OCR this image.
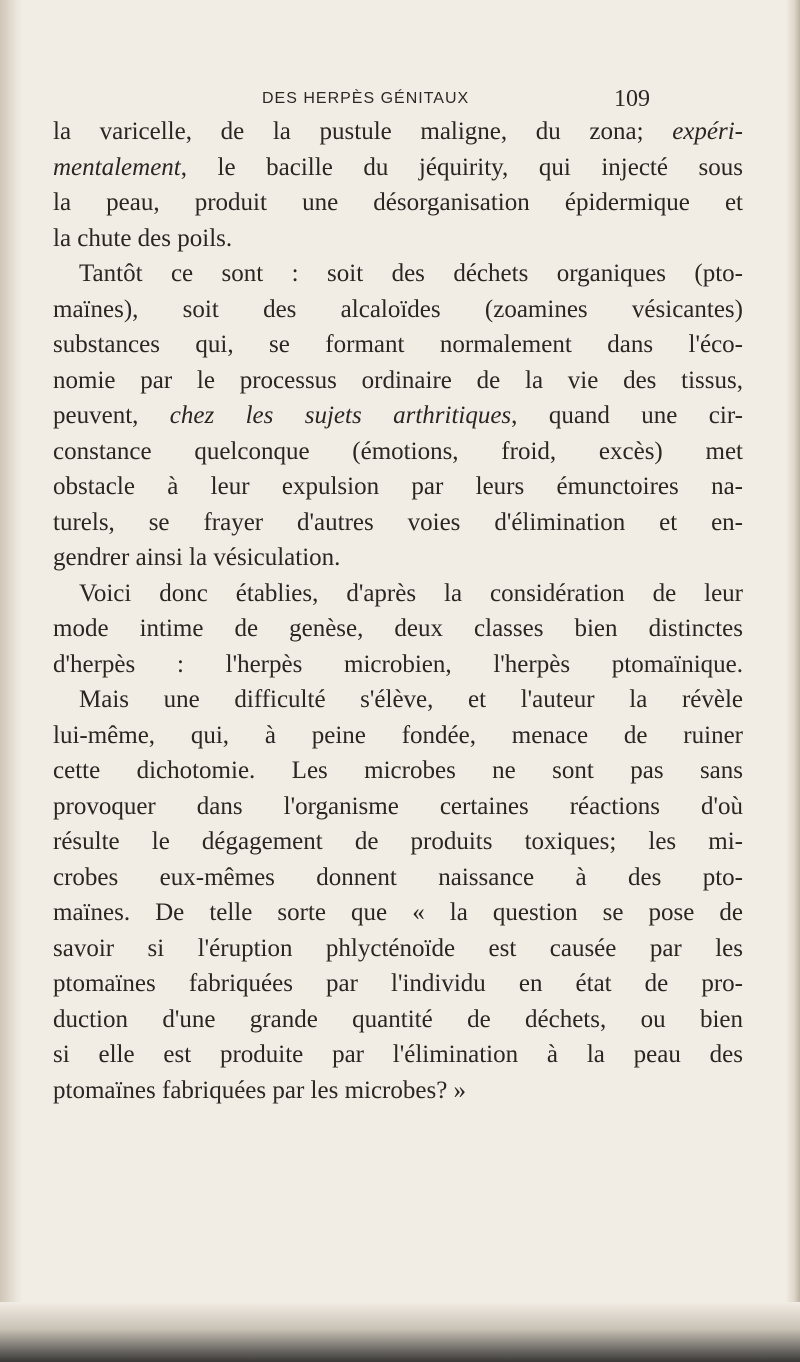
DES HERPÈS GÉNITAUX	109
la varicelle, de la pustule maligne, du zona; expéri-
mentalement, le bacille du jéquirity, qui injecté sous
la peau, produit une désorganisation épidermique et
la chute des poils.
Tantôt ce sont : soit des déchets organiques (pto-
maïnes), soit des alcaloïdes (zoamines vésicantes)
substances qui, se formant normalement dans l'éco-
nomie par le processus ordinaire de la vie des tissus,
peuvent, chez les sujets arthritiques, quand une cir-
constance quelconque (émotions, froid, excès) met
obstacle à leur expulsion par leurs émunctoires na-
turels, se frayer d'autres voies d'élimination et en-
gendrer ainsi la vésiculation.
Voici donc établies, d'après la considération de leur
mode intime de genèse, deux classes bien distinctes
d'herpès : l'herpès microbien, l'herpès ptomaïnique.
Mais une difficulté s'élève, et l'auteur la révèle
lui-même, qui, à peine fondée, menace de ruiner
cette dichotomie. Les microbes ne sont pas sans
provoquer dans l'organisme certaines réactions d'où
résulte le dégagement de produits toxiques; les mi-
crobes eux-mêmes donnent naissance à des pto-
maïnes. De telle sorte que « la question se pose de
savoir si l'éruption phlycténoïde est causée par les
ptomaïnes fabriquées par l'individu en état de pro-
duction d'une grande quantité de déchets, ou bien
si elle est produite par l'élimination à la peau des
ptomaïnes fabriquées par les microbes? »
